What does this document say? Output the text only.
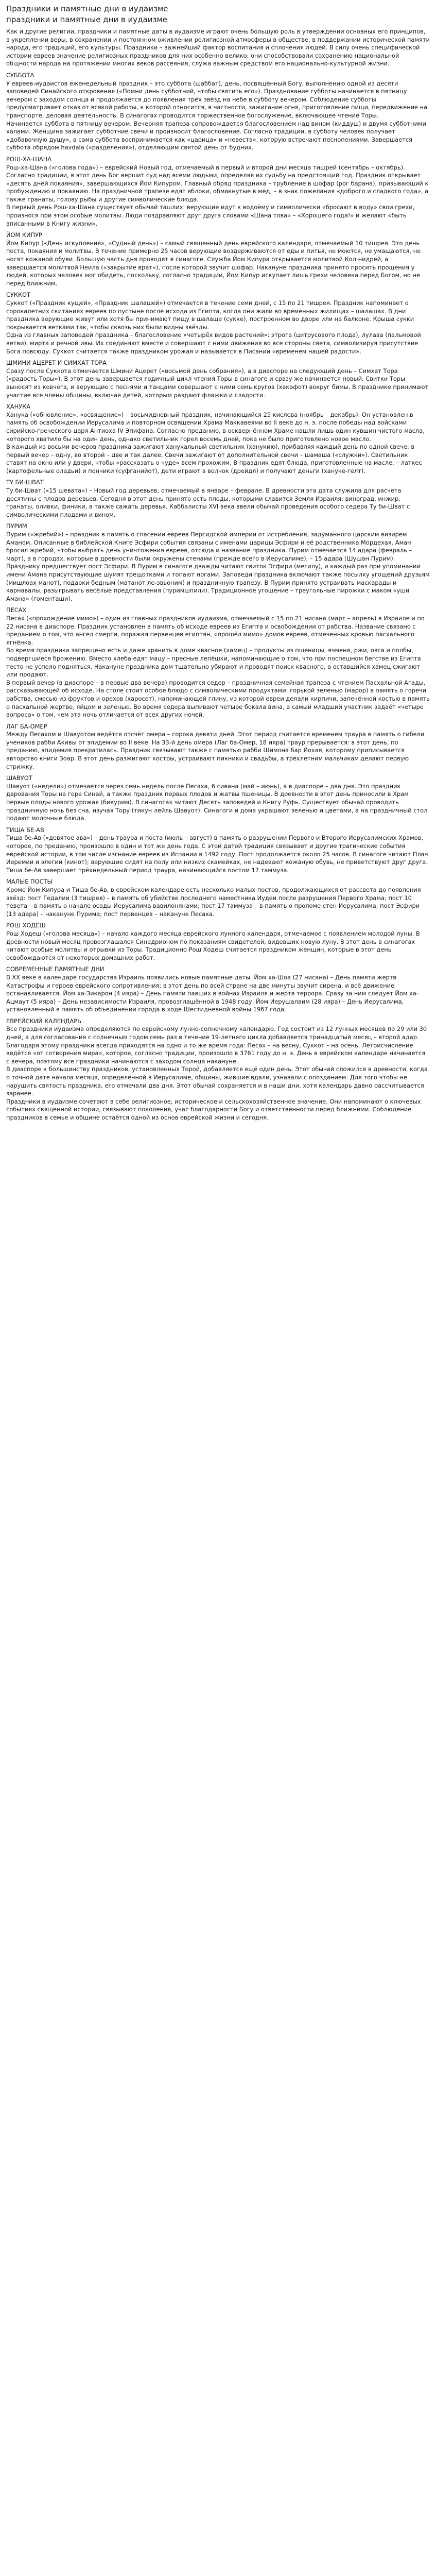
Праздники и памятные дни в иудаизме
праздники и памятные дни в иудаизме

Как и другие религии, праздники и памятные даты в иудаизме играют очень большую роль в утверждении основных его принципов, в укреплении веры, в сохранении и постоянном оживлении религиозной атмосферы в обществе, в поддержании исторической памяти народа, его традиций, его культуры. Праздники – важнейший фактор воспитания и сплочения людей. В силу очень специфической истории евреев значение религиозных праздников для них особенно велико: они способствовали сохранению национальной общности народа на протяжении многих веков рассеяния, служа важным средством его национально-культурной жизни.

СУББОТА

У евреев-иудаистов еженедельный праздник – это суббота (шаббат), день, посвящённый Богу, выполнению одной из десяти заповедей Синайского откровения («Помни день субботний, чтобы святить его»). Празднование субботы начинается в пятницу вечером с заходом солнца и продолжается до появления трёх звёзд на небе в субботу вечером. Соблюдение субботы предусматривает отказ от всякой работы, к которой относится, в частности, зажигание огня, приготовление пищи, передвижение на транспорте, деловая деятельность. В синагогах проводится торжественное богослужение, включающее чтение Торы.

Начинается суббота в пятницу вечером. Вечерняя трапеза сопровождается благословением над вином (киддуш) и двумя субботними халами. Женщина зажигает субботние свечи и произносит благословение. Согласно традиции, в субботу человек получает «добавочную душу», а сама суббота воспринимается как «царица» и «невеста», которую встречают песнопениями. Завершается суббота обрядом havdala («разделения»), отделяющим святой день от будних.

РОШ-ХА-ШАНА

Рош-ха-Шана («голова года») – еврейский Новый год, отмечаемый в первый и второй дни месяца тишрей (сентябрь – октябрь). Согласно традиции, в этот день Бог вершит суд над всеми людьми, определяя их судьбу на предстоящий год. Праздник открывает «десять дней покаяния», завершающихся Йом Кипуром. Главный обряд праздника – трубление в шофар (рог барана), призывающий к пробуждению и покаянию. На праздничной трапезе едят яблоки, обмакнутые в мёд, – в знак пожелания «доброго и сладкого года», а также гранаты, голову рыбы и другие символические блюда.

В первый день Рош-ха-Шана существует обычай ташлих: верующие идут к водоёму и символически «бросают в воду» свои грехи, произнося при этом особые молитвы. Люди поздравляют друг друга словами «Шана това» – «Хорошего года!» и желают «быть вписанными в Книгу жизни».

ЙОМ КИПУР

Йом Кипур («День искупления», «Судный день») – самый священный день еврейского календаря, отмечаемый 10 тишрея. Это день поста, покаяния и молитвы. В течение примерно 25 часов верующие воздерживаются от еды и питья, не моются, не умащаются, не носят кожаной обуви. Большую часть дня проводят в синагоге. Служба Йом Кипура открывается молитвой Кол нидрей, а завершается молитвой Неила («закрытие врат»), после которой звучит шофар. Накануне праздника принято просить прощения у людей, которых человек мог обидеть, поскольку, согласно традиции, Йом Кипур искупает лишь грехи человека перед Богом, но не перед ближним.

СУККОТ

Суккот («Праздник кущей», «Праздник шалашей») отмечается в течение семи дней, с 15 по 21 тишрея. Праздник напоминает о сорокалетних скитаниях евреев по пустыне после исхода из Египта, когда они жили во временных жилищах – шалашах. В дни праздника верующие живут или хотя бы принимают пищу в шалаше (сукке), построенном во дворе или на балконе. Крыша сукки покрывается ветками так, чтобы сквозь них были видны звёзды.

Одна из главных заповедей праздника – благословение «четырёх видов растений»: этрога (цитрусового плода), лулава (пальмовой ветви), мирта и речной ивы. Их соединяют вместе и совершают с ними движения во все стороны света, символизируя присутствие Бога повсюду. Суккот считается также праздником урожая и называется в Писании «временем нашей радости».

ШМИНИ АЦЕРЕТ И СИМХАТ ТОРА

Сразу после Суккота отмечается Шмини Ацерет («восьмой день собрания»), а в диаспоре на следующий день – Симхат Тора («радость Торы»). В этот день завершается годичный цикл чтения Торы в синагоге и сразу же начинается новый. Свитки Торы выносят из ковчега, и верующие с песнями и танцами совершают с ними семь кругов (хакафот) вокруг бимы. В празднике принимают участие все члены общины, включая детей, которым раздают флажки и сладости.

ХАНУКА

Ханука («обновление», «освящение») – восьмидневный праздник, начинающийся 25 кислева (ноябрь – декабрь). Он установлен в память об освобождении Иерусалима и повторном освящении Храма Маккавеями во II веке до н. э. после победы над войсками сирийско-греческого царя Антиоха IV Эпифана. Согласно преданию, в осквернённом Храме нашли лишь один кувшин чистого масла, которого хватило бы на один день, однако светильник горел восемь дней, пока не было приготовлено новое масло.

В каждый из восьми вечеров праздника зажигают ханукальный светильник (ханукию), прибавляя каждый день по одной свече: в первый вечер – одну, во второй – две и так далее. Свечи зажигают от дополнительной свечи – шамаша («служки»). Светильник ставят на окно или у двери, чтобы «рассказать о чуде» всем прохожим. В праздник едят блюда, приготовленные на масле, – латкес (картофельные оладьи) и пончики (суфганийот), дети играют в волчок (дрейдл) и получают деньги (хануке-гелт).

ТУ БИ-ШВАТ

Ту би-Шват («15 шевата») – Новый год деревьев, отмечаемый в январе – феврале. В древности эта дата служила для расчёта десятины с плодов деревьев. Сегодня в этот день принято есть плоды, которыми славится Земля Израиля: виноград, инжир, гранаты, оливки, финики, а также сажать деревья. Каббалисты XVI века ввели обычай проведения особого седера Ту би-Шват с символическими плодами и вином.

ПУРИМ

Пурим («жребий») – праздник в память о спасении евреев Персидской империи от истребления, задуманного царским визирем Аманом. Описанные в библейской Книге Эсфири события связаны с именами царицы Эсфири и её родственника Мордехая. Аман бросил жребий, чтобы выбрать день уничтожения евреев, отсюда и название праздника. Пурим отмечается 14 адара (февраль – март), а в городах, которые в древности были окружены стенами (прежде всего в Иерусалиме), – 15 адара (Шушан Пурим).

Празднику предшествует пост Эсфири. В Пурим в синагоге дважды читают свиток Эсфири (мегилу), и каждый раз при упоминании имени Амана присутствующие шумят трещотками и топают ногами. Заповеди праздника включают также посылку угощений друзьям (мишлоах манот), подарки бедным (матанот ле-эвьоним) и праздничную трапезу. В Пурим принято устраивать маскарады и карнавалы, разыгрывать весёлые представления (пуримшпили). Традиционное угощение – треугольные пирожки с маком «уши Амана» (гоменташи).

ПЕСАХ

Песах («прохождение мимо») – один из главных праздников иудаизма, отмечаемый с 15 по 21 нисана (март – апрель) в Израиле и по 22 нисана в диаспоре. Праздник установлен в память об исходе евреев из Египта и освобождении от рабства. Название связано с преданием о том, что ангел смерти, поражая первенцев египтян, «прошёл мимо» домов евреев, отмеченных кровью пасхального ягнёнка.

Во время праздника запрещено есть и даже хранить в доме квасное (хамец) – продукты из пшеницы, ячменя, ржи, овса и полбы, подвергшиеся брожению. Вместо хлеба едят мацу – пресные лепёшки, напоминающие о том, что при поспешном бегстве из Египта тесто не успело подняться. Накануне праздника дом тщательно убирают и проводят поиск квасного, а оставшийся хамец сжигают или продают.

В первый вечер (в диаспоре – в первые два вечера) проводится седер – праздничная семейная трапеза с чтением Пасхальной Агады, рассказывающей об исходе. На столе стоит особое блюдо с символическими продуктами: горькой зеленью (марор) в память о горечи рабства, смесью из фруктов и орехов (харосет), напоминающей глину, из которой евреи делали кирпичи, запечённой костью в память о пасхальной жертве, яйцом и зеленью. Во время седера выпивают четыре бокала вина, а самый младший участник задаёт «четыре вопроса» о том, чем эта ночь отличается от всех других ночей.

ЛАГ БА-ОМЕР

Между Песахом и Шавуотом ведётся отсчёт омера – сорока девяти дней. Этот период считается временем траура в память о гибели учеников рабби Акивы от эпидемии во II веке. На 33-й день омера (Лаг ба-Омер, 18 ияра) траур прерывается: в этот день, по преданию, эпидемия прекратилась. Праздник связывают также с памятью рабби Шимона бар Йохая, которому приписывается авторство книги Зоар. В этот день разжигают костры, устраивают пикники и свадьбы, а трёхлетним мальчикам делают первую стрижку.

ШАВУОТ

Шавуот («недели») отмечается через семь недель после Песаха, 6 сивана (май – июнь), а в диаспоре – два дня. Это праздник дарования Торы на горе Синай, а также праздник первых плодов и жатвы пшеницы. В древности в этот день приносили в Храм первые плоды нового урожая (бикурим). В синагогах читают Десять заповедей и Книгу Руфь. Существует обычай проводить праздничную ночь без сна, изучая Тору (тикун лейль Шавуот). Синагоги и дома украшают зеленью и цветами, а на праздничный стол подают молочные блюда.

ТИША БЕ-АВ

Тиша бе-Ав («девятое ава») – день траура и поста (июль – август) в память о разрушении Первого и Второго Иерусалимских Храмов, которое, по преданию, произошло в один и тот же день года. С этой датой традиция связывает и другие трагические события еврейской истории, в том числе изгнание евреев из Испании в 1492 году. Пост продолжается около 25 часов. В синагоге читают Плач Иеремии и элегии (кинот); верующие сидят на полу или низких скамейках, не надевают кожаную обувь, не приветствуют друг друга. Тиша бе-Ав завершает трёхнедельный период траура, начинающийся постом 17 таммуза.

МАЛЫЕ ПОСТЫ

Кроме Йом Кипура и Тиша бе-Ав, в еврейском календаре есть несколько малых постов, продолжающихся от рассвета до появления звёзд: пост Гедалии (3 тишрея) – в память об убийстве последнего наместника Иудеи после разрушения Первого Храма; пост 10 тевета – в память о начале осады Иерусалима вавилонянами; пост 17 таммуза – в память о проломе стен Иерусалима; пост Эсфири (13 адара) – накануне Пурима; пост первенцев – накануне Песаха.

РОШ ХОДЕШ

Рош Ходеш («голова месяца») – начало каждого месяца еврейского лунного календаря, отмечаемое с появлением молодой луны. В древности новый месяц провозглашался Синедрионом по показаниям свидетелей, видевших новую луну. В этот день в синагогах читают особые молитвы и отрывки из Торы. Традиционно Рош Ходеш считается праздником женщин, которые в этот день освобождаются от некоторых домашних работ.

СОВРЕМЕННЫЕ ПАМЯТНЫЕ ДНИ

В XX веке в календаре государства Израиль появились новые памятные даты. Йом ха-Шоа (27 нисана) – День памяти жертв Катастрофы и героев еврейского сопротивления; в этот день по всей стране на две минуты звучит сирена, и всё движение останавливается. Йом ха-Зикарон (4 ияра) – День памяти павших в войнах Израиля и жертв террора. Сразу за ним следует Йом ха-Ацмаут (5 ияра) – День независимости Израиля, провозглашённой в 1948 году. Йом Иерушалаим (28 ияра) – День Иерусалима, установленный в память об объединении города в ходе Шестидневной войны 1967 года.

ЕВРЕЙСКИЙ КАЛЕНДАРЬ

Все праздники иудаизма определяются по еврейскому лунно-солнечному календарю. Год состоит из 12 лунных месяцев по 29 или 30 дней, а для согласования с солнечным годом семь раз в течение 19-летнего цикла добавляется тринадцатый месяц – второй адар. Благодаря этому праздники всегда приходятся на одно и то же время года: Песах – на весну, Суккот – на осень. Летоисчисление ведётся «от сотворения мира», которое, согласно традиции, произошло в 3761 году до н. э. День в еврейском календаре начинается с вечера, поэтому все праздники начинаются с заходом солнца накануне.

В диаспоре к большинству праздников, установленных Торой, добавляется ещё один день. Этот обычай сложился в древности, когда о точной дате начала месяца, определённой в Иерусалиме, общины, жившие вдали, узнавали с опозданием. Для того чтобы не нарушить святость праздника, его отмечали два дня. Этот обычай сохраняется и в наши дни, хотя календарь давно рассчитывается заранее.

Праздники в иудаизме сочетают в себе религиозное, историческое и сельскохозяйственное значение. Они напоминают о ключевых событиях священной истории, связывают поколения, учат благодарности Богу и ответственности перед ближними. Соблюдение праздников в семье и общине остаётся одной из основ еврейской жизни и сегодня.
